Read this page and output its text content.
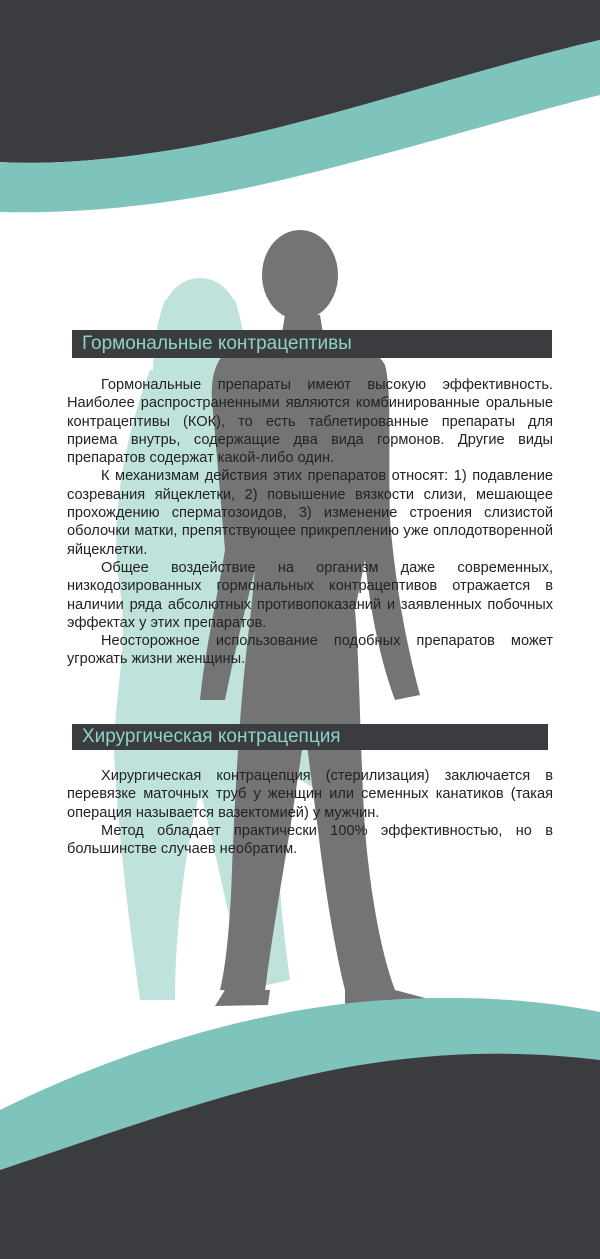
Гормональные контрацептивы

Гормональные препараты имеют высокую эффективность. Наиболее распространенными являются комбинированные оральные контрацептивы (КОК), то есть таблетированные препараты для приема внутрь, содержащие два вида гормонов. Другие виды препаратов содержат какой-либо один.

К механизмам действия этих препаратов относят: 1) подавление созревания яйцеклетки, 2) повышение вязкости слизи, мешающее прохождению сперматозоидов, 3) изменение строения слизистой оболочки матки, препятствующее прикреплению уже оплодотворенной яйцеклетки.

Общее воздействие на организм даже современных, низкодозированных гормональных контрацептивов отражается в наличии ряда абсолютных противопоказаний и заявленных побочных эффектах у этих препаратов.

Неосторожное использование подобных препаратов может угрожать жизни женщины.

Хирургическая контрацепция

Хирургическая контрацепция (стерилизация) заключается в перевязке маточных труб у женщин или семенных канатиков (такая операция называется вазектомией) у мужчин.

Метод обладает практически 100% эффективностью, но в большинстве случаев необратим.
